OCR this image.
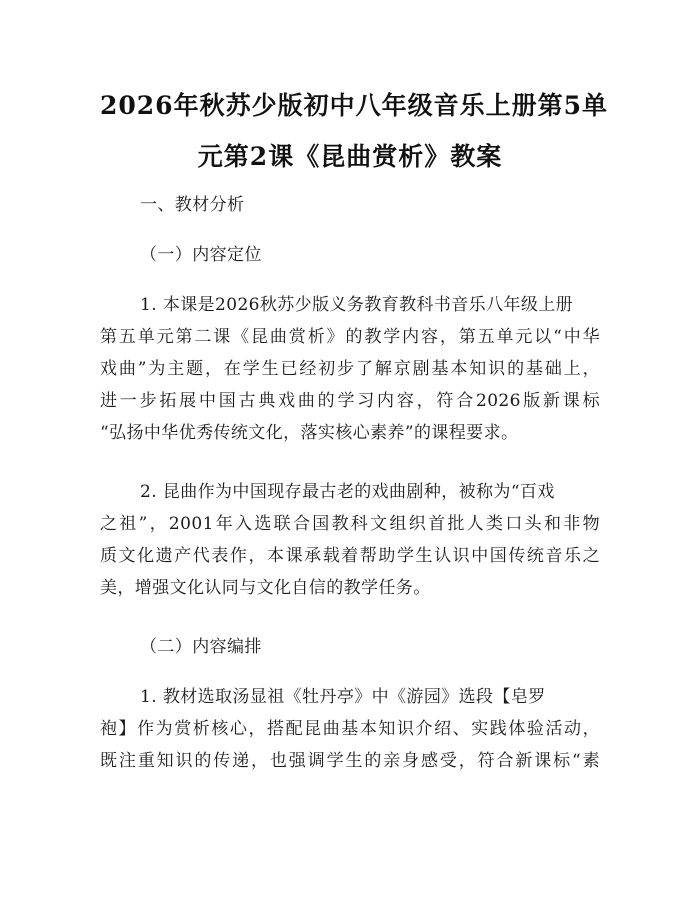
2026年秋苏少版初中八年级音乐上册第5单
元第2课《昆曲赏析》教案
一、教材分析
（一）内容定位
1. 本课是2026秋苏少版义务教育教科书音乐八年级上册
第五单元第二课《昆曲赏析》的教学内容，第五单元以“中华
戏曲”为主题，在学生已经初步了解京剧基本知识的基础上，
进一步拓展中国古典戏曲的学习内容，符合2026版新课标
“弘扬中华优秀传统文化，落实核心素养”的课程要求。
2. 昆曲作为中国现存最古老的戏曲剧种，被称为“百戏
之祖”，2001年入选联合国教科文组织首批人类口头和非物
质文化遗产代表作，本课承载着帮助学生认识中国传统音乐之
美，增强文化认同与文化自信的教学任务。
（二）内容编排
1. 教材选取汤显祖《牡丹亭》中《游园》选段【皂罗
袍】作为赏析核心，搭配昆曲基本知识介绍、实践体验活动，
既注重知识的传递，也强调学生的亲身感受，符合新课标“素
